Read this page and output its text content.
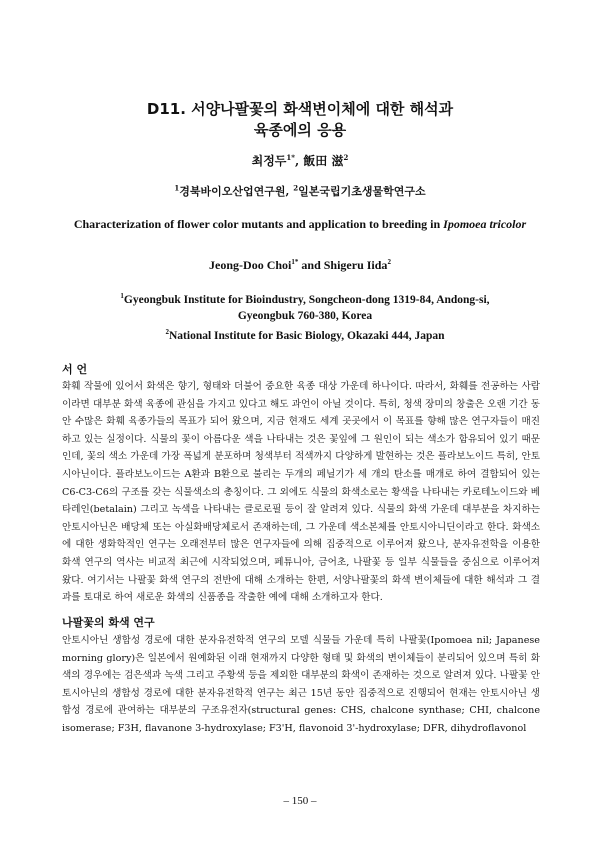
D11. 서양나팔꽃의 화색변이체에 대한 해석과
육종에의 응용
최정두$^{1*}$, 飯田 滋$^2$
$^1$경북바이오산업연구원, $^2$일본국립기초생물학연구소
Characterization of flower color mutants and application to breeding in Ipomoea tricolor
Jeong-Doo Choi$^{1*}$ and Shigeru Iida$^2$
$^1$Gyeongbuk Institute for Bioindustry, Songcheon-dong 1319-84, Andong-si, Gyeongbuk 760-380, Korea
$^2$National Institute for Basic Biology, Okazaki 444, Japan
서 언
화훼 작물에 있어서 화색은 향기, 형태와 더불어 중요한 육종 대상 가운데 하나이다. 따라서, 화훼를 전공하는 사람이라면 대부분 화색 육종에 관심을 가지고 있다고 해도 과언이 아닐 것이다. 특히, 청색 장미의 창출은 오랜 기간 동안 수많은 화훼 육종가들의 목표가 되어 왔으며, 지금 현재도 세계 곳곳에서 이 목표를 향해 많은 연구자들이 매진하고 있는 실정이다. 식물의 꽃이 아름다운 색을 나타내는 것은 꽃잎에 그 원인이 되는 색소가 함유되어 있기 때문인데, 꽃의 색소 가운데 가장 폭넓게 분포하며 청색부터 적색까지 다양하게 발현하는 것은 플라보노이드 특히, 안토시아닌이다. 플라보노이드는 A환과 B환으로 불리는 두개의 페닐기가 세 개의 탄소를 매개로 하여 결합되어 있는 C6-C3-C6의 구조를 갖는 식물색소의 총칭이다. 그 외에도 식물의 화색소로는 황색을 나타내는 카로테노이드와 베타레인(betalain) 그리고 녹색을 나타내는 클로로필 등이 잘 알려져 있다. 식물의 화색 가운데 대부분을 차지하는 안토시아닌은 배당체 또는 아실화배당체로서 존재하는데, 그 가운데 색소본체를 안토시아니딘이라고 한다. 화색소에 대한 생화학적인 연구는 오래전부터 많은 연구자들에 의해 집중적으로 이루어져 왔으나, 분자유전학을 이용한 화색 연구의 역사는 비교적 최근에 시작되었으며, 페튜니아, 금어초, 나팔꽃 등 일부 식물들을 중심으로 이루어져 왔다. 여기서는 나팔꽃 화색 연구의 전반에 대해 소개하는 한편, 서양나팔꽃의 화색 변이체들에 대한 해석과 그 결과를 토대로 하여 새로운 화색의 신품종을 작출한 예에 대해 소개하고자 한다.
나팔꽃의 화색 연구
안토시아닌 생합성 경로에 대한 분자유전학적 연구의 모델 식물들 가운데 특히 나팔꽃(Ipomoea nil; Japanese morning glory)은 일본에서 원예화된 이래 현재까지 다양한 형태 및 화색의 변이체들이 분리되어 있으며 특히 화색의 경우에는 검은색과 녹색 그리고 주황색 등을 제외한 대부분의 화색이 존재하는 것으로 알려져 있다. 나팔꽃 안토시아닌의 생합성 경로에 대한 분자유전학적 연구는 최근 15년 동안 집중적으로 진행되어 현재는 안토시아닌 생합성 경로에 관여하는 대부분의 구조유전자(structural genes: CHS, chalcone synthase; CHI, chalcone isomerase; F3H, flavanone 3-hydroxylase; F3'H, flavonoid 3'-hydroxylase; DFR, dihydroflavonol
– 150 –
